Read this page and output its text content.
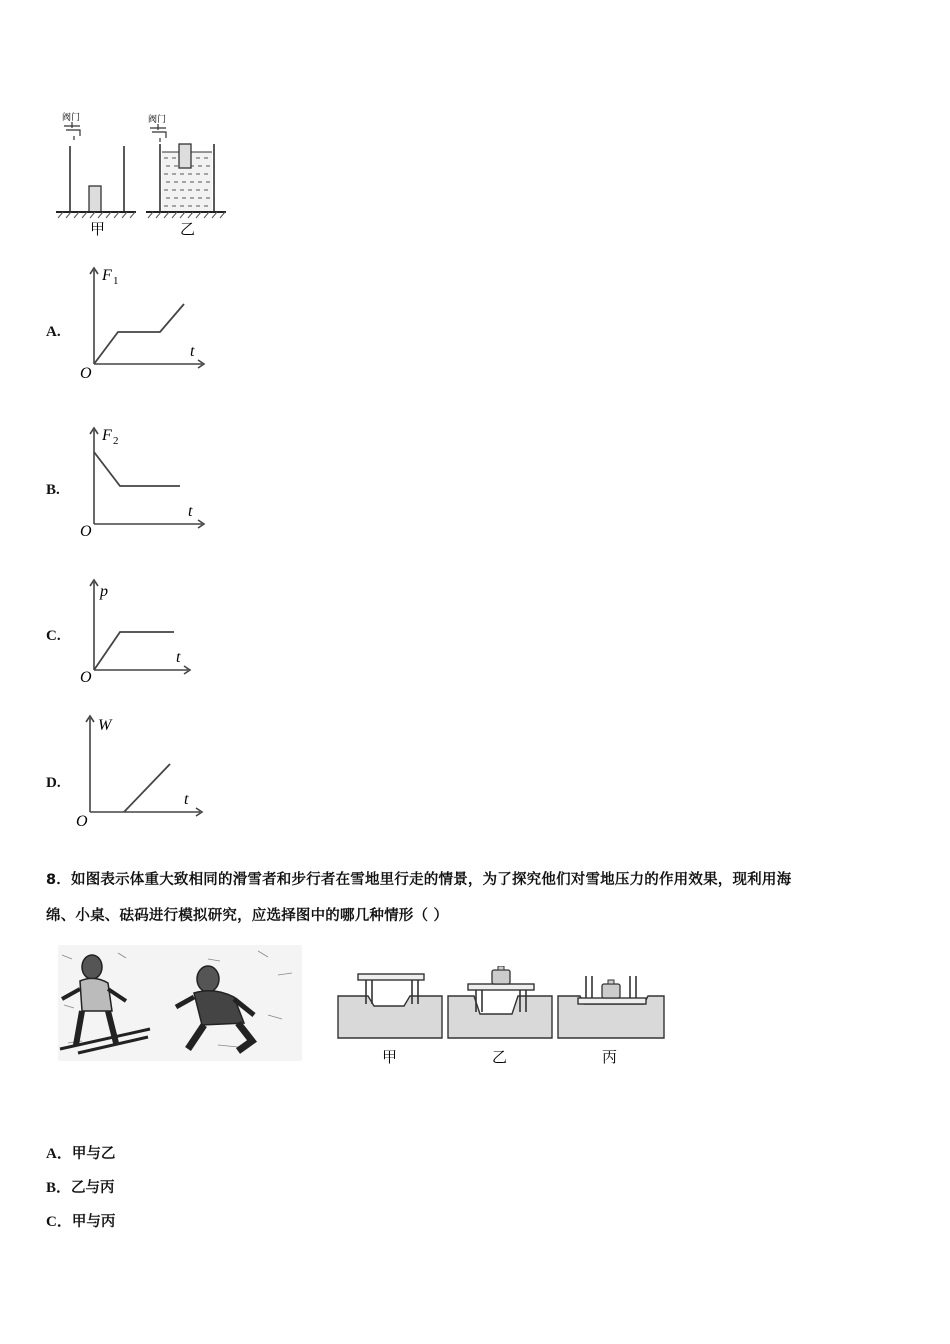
阀门
甲
阀门
乙
A.
F 1
t
O
B.
F 2
t
O
C.
p
t
O
D.
W
t
O
8．如图表示体重大致相同的滑雪者和步行者在雪地里行走的情景，为了探究他们对雪地压力的作用效果，现利用海
绵、小桌、砝码进行模拟研究，应选择图中的哪几种情形（ ）
甲	乙	丙
A．甲与乙
B．乙与丙
C．甲与丙
